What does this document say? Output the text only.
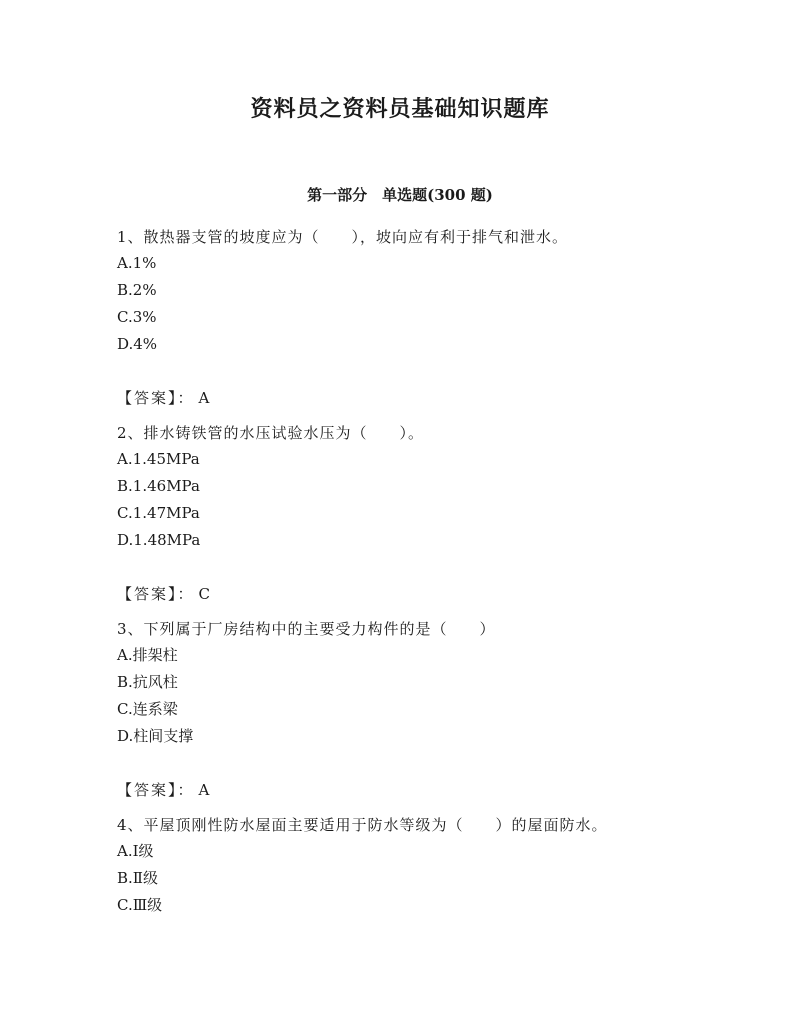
资料员之资料员基础知识题库
第一部分　单选题(300 题)
1、散热器支管的坡度应为（　　），坡向应有利于排气和泄水。
A.1%
B.2%
C.3%
D.4%
【答案】： A
2、排水铸铁管的水压试验水压为（　　）。
A.1.45MPa
B.1.46MPa
C.1.47MPa
D.1.48MPa
【答案】： C
3、下列属于厂房结构中的主要受力构件的是（　　）
A.排架柱
B.抗风柱
C.连系梁
D.柱间支撑
【答案】： A
4、平屋顶刚性防水屋面主要适用于防水等级为（　　）的屋面防水。
A.Ⅰ级
B.Ⅱ级
C.Ⅲ级
